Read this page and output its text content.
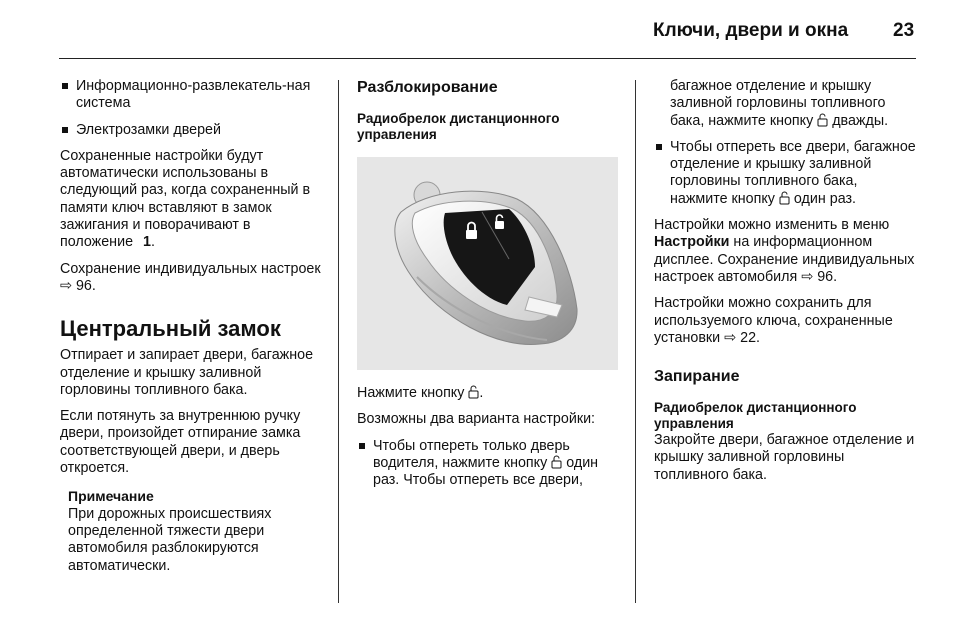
Ключи, двери и окна 23

Информационно-развлекатель-ная система

Электрозамки дверей

Сохраненные настройки будут автоматически использованы в следующий раз, когда сохраненный в памяти ключ вставляют в замок зажигания и поворачивают в положение 1.

Сохранение индивидуальных настроек ⇨ 96.

Центральный замок

Отпирает и запирает двери, багажное отделение и крышку заливной горловины топливного бака.

Если потянуть за внутреннюю ручку двери, произойдет отпирание замка соответствующей двери, и дверь откроется.

Примечание
При дорожных происшествиях определенной тяжести двери автомобиля разблокируются автоматически.
Разблокирование
Радиобрелок дистанционного управления

Нажмите кнопку .

Возможны два варианта настройки:

Чтобы отпереть только дверь водителя, нажмите кнопку один раз. Чтобы отпереть все двери,

багажное отделение и крышку заливной горловины топливного бака, нажмите кнопку дважды.

Чтобы отпереть все двери, багажное отделение и крышку заливной горловины топливного бака, нажмите кнопку один раз.

Настройки можно изменить в меню Настройки на информационном дисплее. Сохранение индивидуальных настроек автомобиля ⇨ 96.

Настройки можно сохранить для используемого ключа, сохраненные установки ⇨ 22.

Запирание
Радиобрелок дистанционного управления

Закройте двери, багажное отделение и крышку заливной горловины топливного бака.
